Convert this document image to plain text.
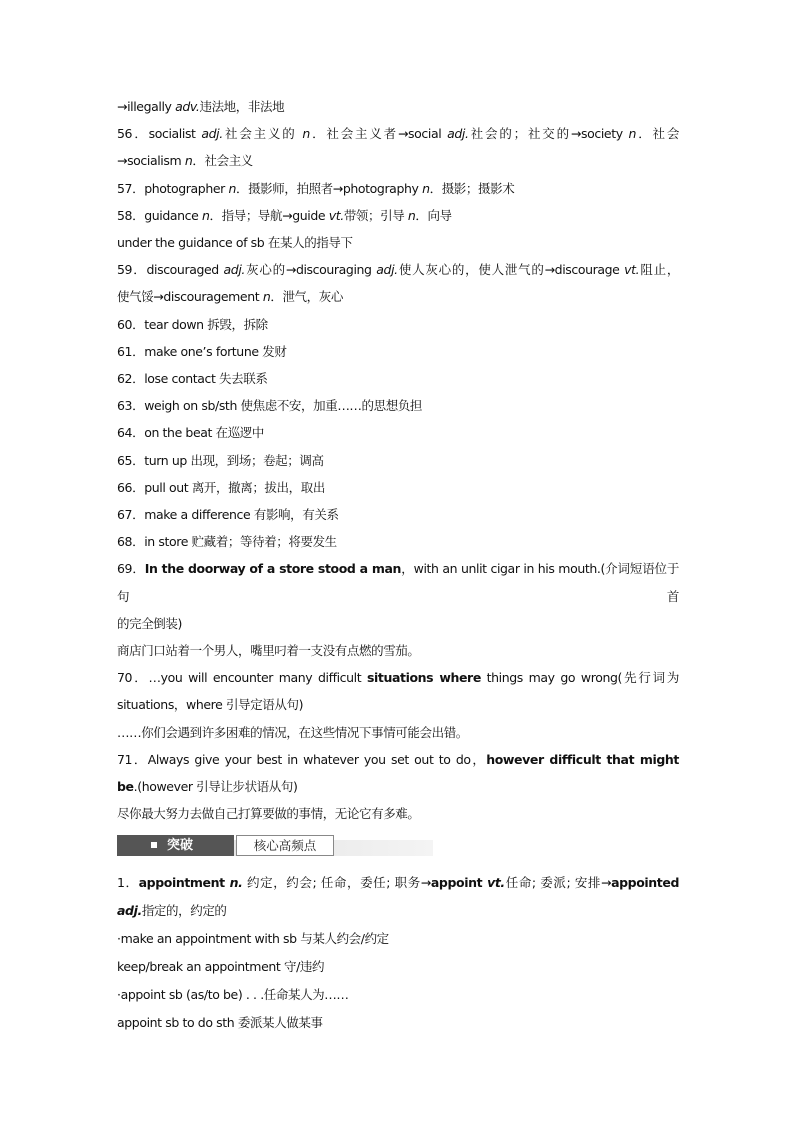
→illegally adv.违法地，非法地
56．socialist adj.社会主义的 n．社会主义者→social adj.社会的；社交的→society n．社会
→socialism n．社会主义
57．photographer n．摄影师，拍照者→photography n．摄影；摄影术
58．guidance n．指导；导航→guide vt.带领；引导 n．向导
under the guidance of sb 在某人的指导下
59．discouraged adj.灰心的→discouraging adj.使人灰心的，使人泄气的→discourage vt.阻止，
使气馁→discouragement n．泄气，灰心
60．tear down 拆毁，拆除
61．make one’s fortune 发财
62．lose contact 失去联系
63．weigh on sb/sth 使焦虑不安，加重……的思想负担
64．on the beat 在巡逻中
65．turn up 出现，到场；卷起；调高
66．pull out 离开，撤离；拔出，取出
67．make a difference 有影响，有关系
68．in store 贮藏着；等待着；将要发生
69．In the doorway of a store stood a man，with an unlit cigar in his mouth.(介词短语位于句首
的完全倒装)
商店门口站着一个男人，嘴里叼着一支没有点燃的雪茄。
70．…you will encounter many difficult situations where things may go wrong(先行词为
situations，where 引导定语从句)
……你们会遇到许多困难的情况，在这些情况下事情可能会出错。
71．Always give your best in whatever you set out to do，however difficult that might
be.(however 引导让步状语从句)
尽你最大努力去做自己打算要做的事情，无论它有多难。
突破	核心高频点
1．appointment n. 约定，约会; 任命，委任; 职务→appoint vt.任命; 委派; 安排→appointed
adj.指定的，约定的
·make an appointment with sb 与某人约会/约定
keep/break an appointment 守/违约
·appoint sb (as/to be) . . .任命某人为……
appoint sb to do sth 委派某人做某事
